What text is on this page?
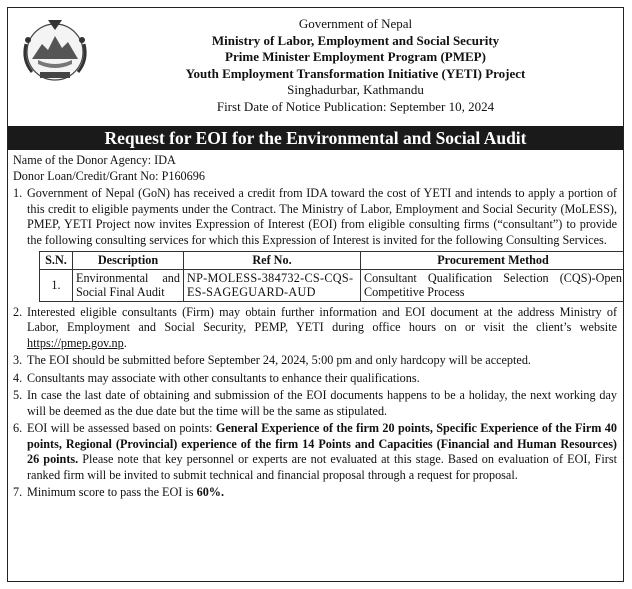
Government of Nepal
Ministry of Labor, Employment and Social Security
Prime Minister Employment Program (PMEP)
Youth Employment Transformation Initiative (YETI) Project
Singhadurbar, Kathmandu
First Date of Notice Publication: September 10, 2024
Request for EOI for the Environmental and Social Audit
Name of the Donor Agency: IDA
Donor Loan/Credit/Grant No: P160696
1. Government of Nepal (GoN) has received a credit from IDA toward the cost of YETI and intends to apply a portion of this credit to eligible payments under the Contract. The Ministry of Labor, Employment and Social Security (MoLESS), PMEP, YETI Project now invites Expression of Interest (EOI) from eligible consulting firms (“consultant”) to provide the following consulting services for which this Expression of Interest is invited for the following Consulting Services.
S.N.	Description	Ref No.	Procurement Method
1.	Environmental and Social Final Audit	NP-MOLESS-384732-CS-CQS-ES-SAGEGUARD-AUD	Consultant Qualification Selection (CQS)-Open Competitive Process
2. Interested eligible consultants (Firm) may obtain further information and EOI document at the address Ministry of Labor, Employment and Social Security, PEMP, YETI during office hours on or visit the client’s website https://pmep.gov.np.
3. The EOI should be submitted before September 24, 2024, 5:00 pm and only hardcopy will be accepted.
4. Consultants may associate with other consultants to enhance their qualifications.
5. In case the last date of obtaining and submission of the EOI documents happens to be a holiday, the next working day will be deemed as the due date but the time will be the same as stipulated.
6. EOI will be assessed based on points: General Experience of the firm 20 points, Specific Experience of the Firm 40 points, Regional (Provincial) experience of the firm 14 Points and Capacities (Financial and Human Resources) 26 points. Please note that key personnel or experts are not evaluated at this stage. Based on evaluation of EOI, First ranked firm will be invited to submit technical and financial proposal through a request for proposal.
7. Minimum score to pass the EOI is 60%.
